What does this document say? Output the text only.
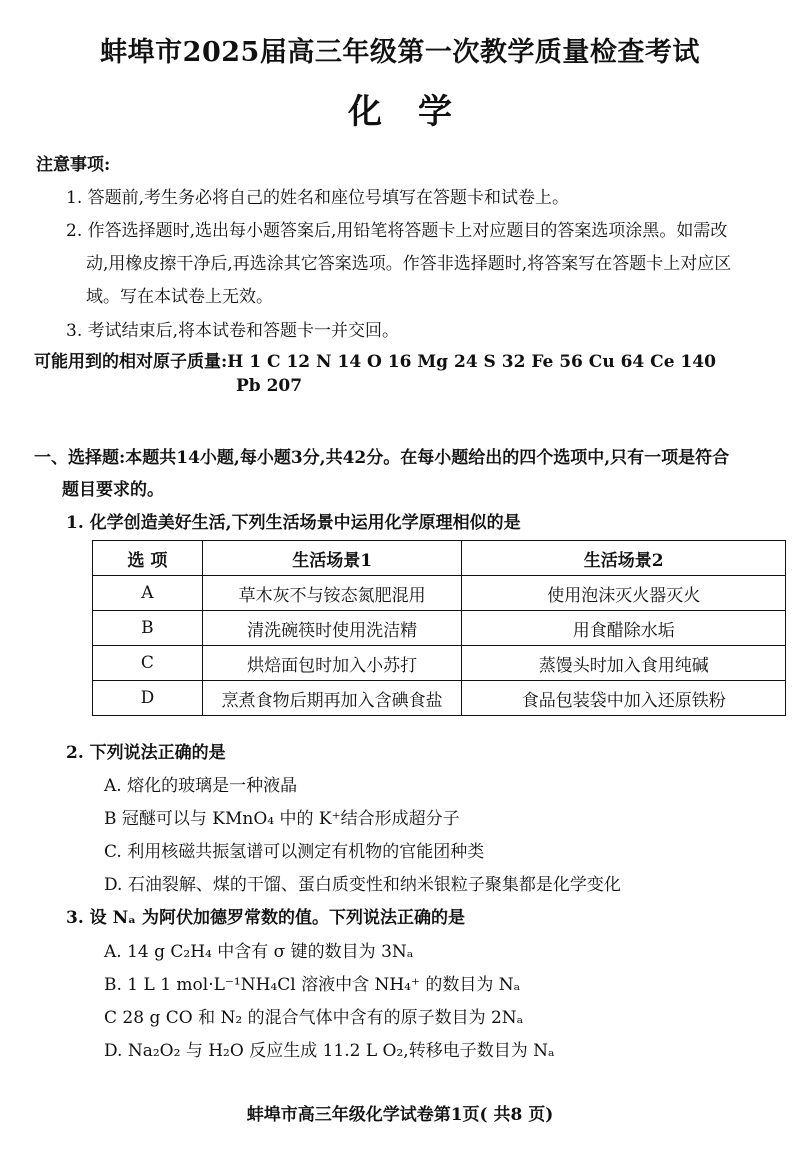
蚌埠市2025届高三年级第一次教学质量检查考试
化学
注意事项:
1. 答题前,考生务必将自己的姓名和座位号填写在答题卡和试卷上。
2. 作答选择题时,选出每小题答案后,用铅笔将答题卡上对应题目的答案选项涂黑。如需改
动,用橡皮擦干净后,再选涂其它答案选项。作答非选择题时,将答案写在答题卡上对应区
域。写在本试卷上无效。
3. 考试结束后,将本试卷和答题卡一并交回。
可能用到的相对原子质量:H 1 C 12 N 14 O 16 Mg 24 S 32 Fe 56 Cu 64 Ce 140
Pb 207
一、选择题:本题共14小题,每小题3分,共42分。在每小题给出的四个选项中,只有一项是符合
题目要求的。
1. 化学创造美好生活,下列生活场景中运用化学原理相似的是
选 项	生活场景1	生活场景2
A	草木灰不与铵态氮肥混用	使用泡沫灭火器灭火
B	清洗碗筷时使用洗洁精	用食醋除水垢
C	烘焙面包时加入小苏打	蒸馒头时加入食用纯碱
D	烹煮食物后期再加入含碘食盐	食品包装袋中加入还原铁粉
2. 下列说法正确的是
A. 熔化的玻璃是一种液晶
B 冠醚可以与 KMnO₄ 中的 K⁺结合形成超分子
C. 利用核磁共振氢谱可以测定有机物的官能团种类
D. 石油裂解、煤的干馏、蛋白质变性和纳米银粒子聚集都是化学变化
3. 设 Nₐ 为阿伏加德罗常数的值。下列说法正确的是
A. 14 g C₂H₄ 中含有 σ 键的数目为 3Nₐ
B. 1 L 1 mol·L⁻¹NH₄Cl 溶液中含 NH₄⁺ 的数目为 Nₐ
C 28 g CO 和 N₂ 的混合气体中含有的原子数目为 2Nₐ
D. Na₂O₂ 与 H₂O 反应生成 11.2 L O₂,转移电子数目为 Nₐ
蚌埠市高三年级化学试卷第1页( 共8 页)
